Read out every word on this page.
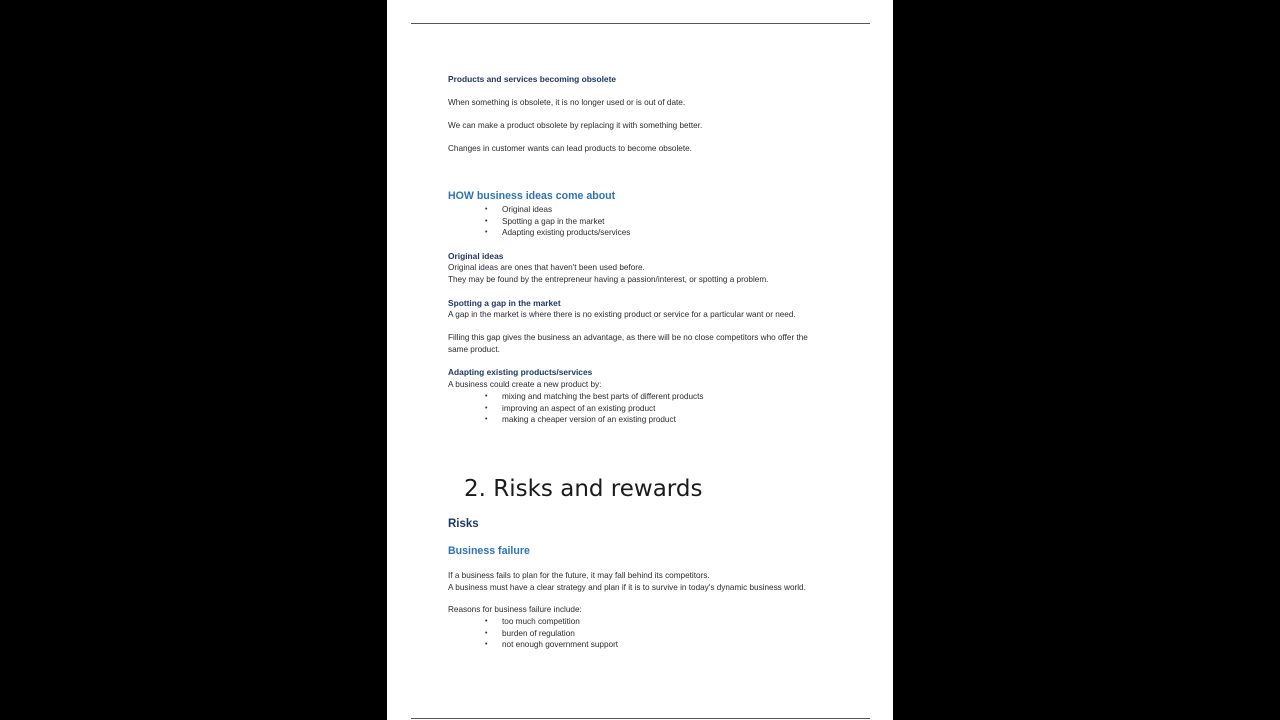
Products and services becoming obsolete
When something is obsolete, it is no longer used or is out of date.
We can make a product obsolete by replacing it with something better.
Changes in customer wants can lead products to become obsolete.
HOW business ideas come about
• Original ideas
• Spotting a gap in the market
• Adapting existing products/services
Original ideas
Original ideas are ones that haven't been used before.
They may be found by the entrepreneur having a passion/interest, or spotting a problem.
Spotting a gap in the market
A gap in the market is where there is no existing product or service for a particular want or need.
Filling this gap gives the business an advantage, as there will be no close competitors who offer the
same product.
Adapting existing products/services
A business could create a new product by:
• mixing and matching the best parts of different products
• improving an aspect of an existing product
• making a cheaper version of an existing product
2. Risks and rewards
Risks
Business failure
If a business fails to plan for the future, it may fall behind its competitors.
A business must have a clear strategy and plan if it is to survive in today's dynamic business world.
Reasons for business failure include:
• too much competition
• burden of regulation
• not enough government support
